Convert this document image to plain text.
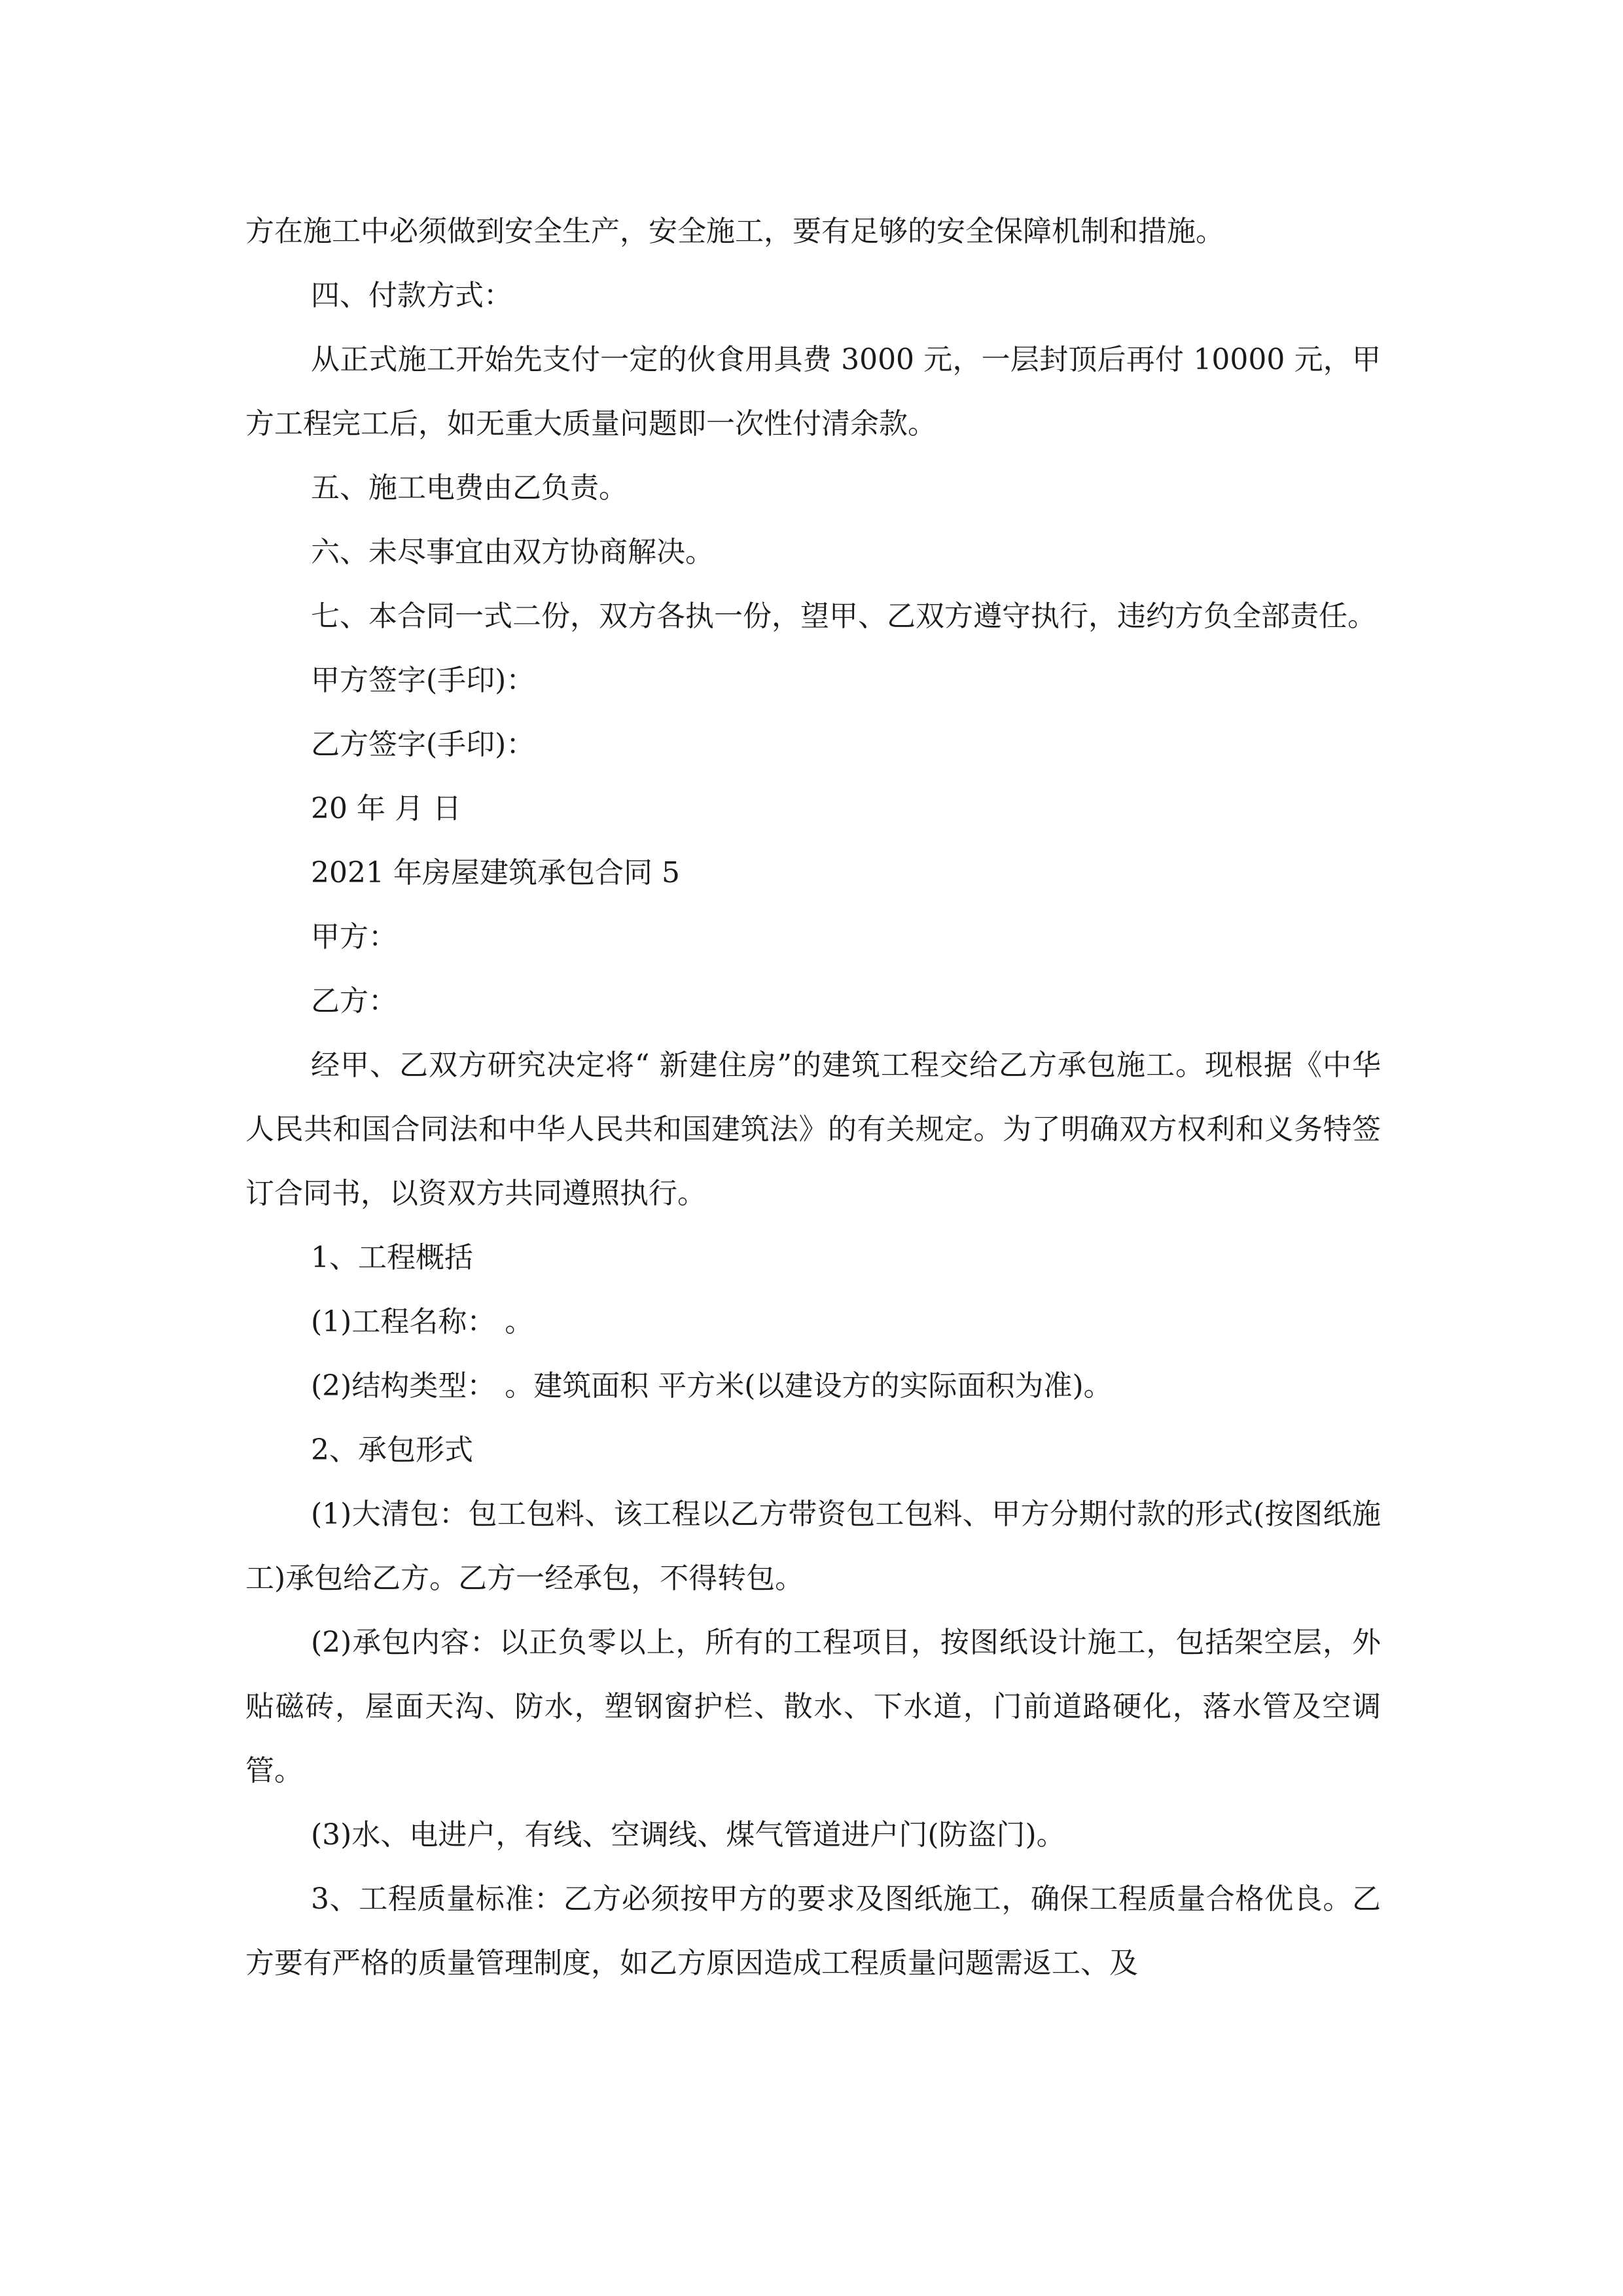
方在施工中必须做到安全生产，安全施工，要有足够的安全保障机制和措施。

四、付款方式：

从正式施工开始先支付一定的伙食用具费 3000 元，一层封顶后再付 10000 元，甲方工程完工后，如无重大质量问题即一次性付清余款。

五、施工电费由乙负责。

六、未尽事宜由双方协商解决。

七、本合同一式二份，双方各执一份，望甲、乙双方遵守执行，违约方负全部责任。

甲方签字(手印)：

乙方签字(手印)：

20 年 月 日

2021 年房屋建筑承包合同 5

甲方：

乙方：

经甲、乙双方研究决定将“ 新建住房”的建筑工程交给乙方承包施工。现根据《中华人民共和国合同法和中华人民共和国建筑法》的有关规定。为了明确双方权利和义务特签订合同书，以资双方共同遵照执行。

1、工程概括

(1)工程名称： 。

(2)结构类型： 。建筑面积 平方米(以建设方的实际面积为准)。

2、承包形式

(1)大清包：包工包料、该工程以乙方带资包工包料、甲方分期付款的形式(按图纸施工)承包给乙方。乙方一经承包，不得转包。

(2)承包内容：以正负零以上，所有的工程项目，按图纸设计施工，包括架空层，外贴磁砖，屋面天沟、防水，塑钢窗护栏、散水、下水道，门前道路硬化，落水管及空调管。

(3)水、电进户，有线、空调线、煤气管道进户门(防盗门)。

3、工程质量标准：乙方必须按甲方的要求及图纸施工，确保工程质量合格优良。乙方要有严格的质量管理制度，如乙方原因造成工程质量问题需返工、及
